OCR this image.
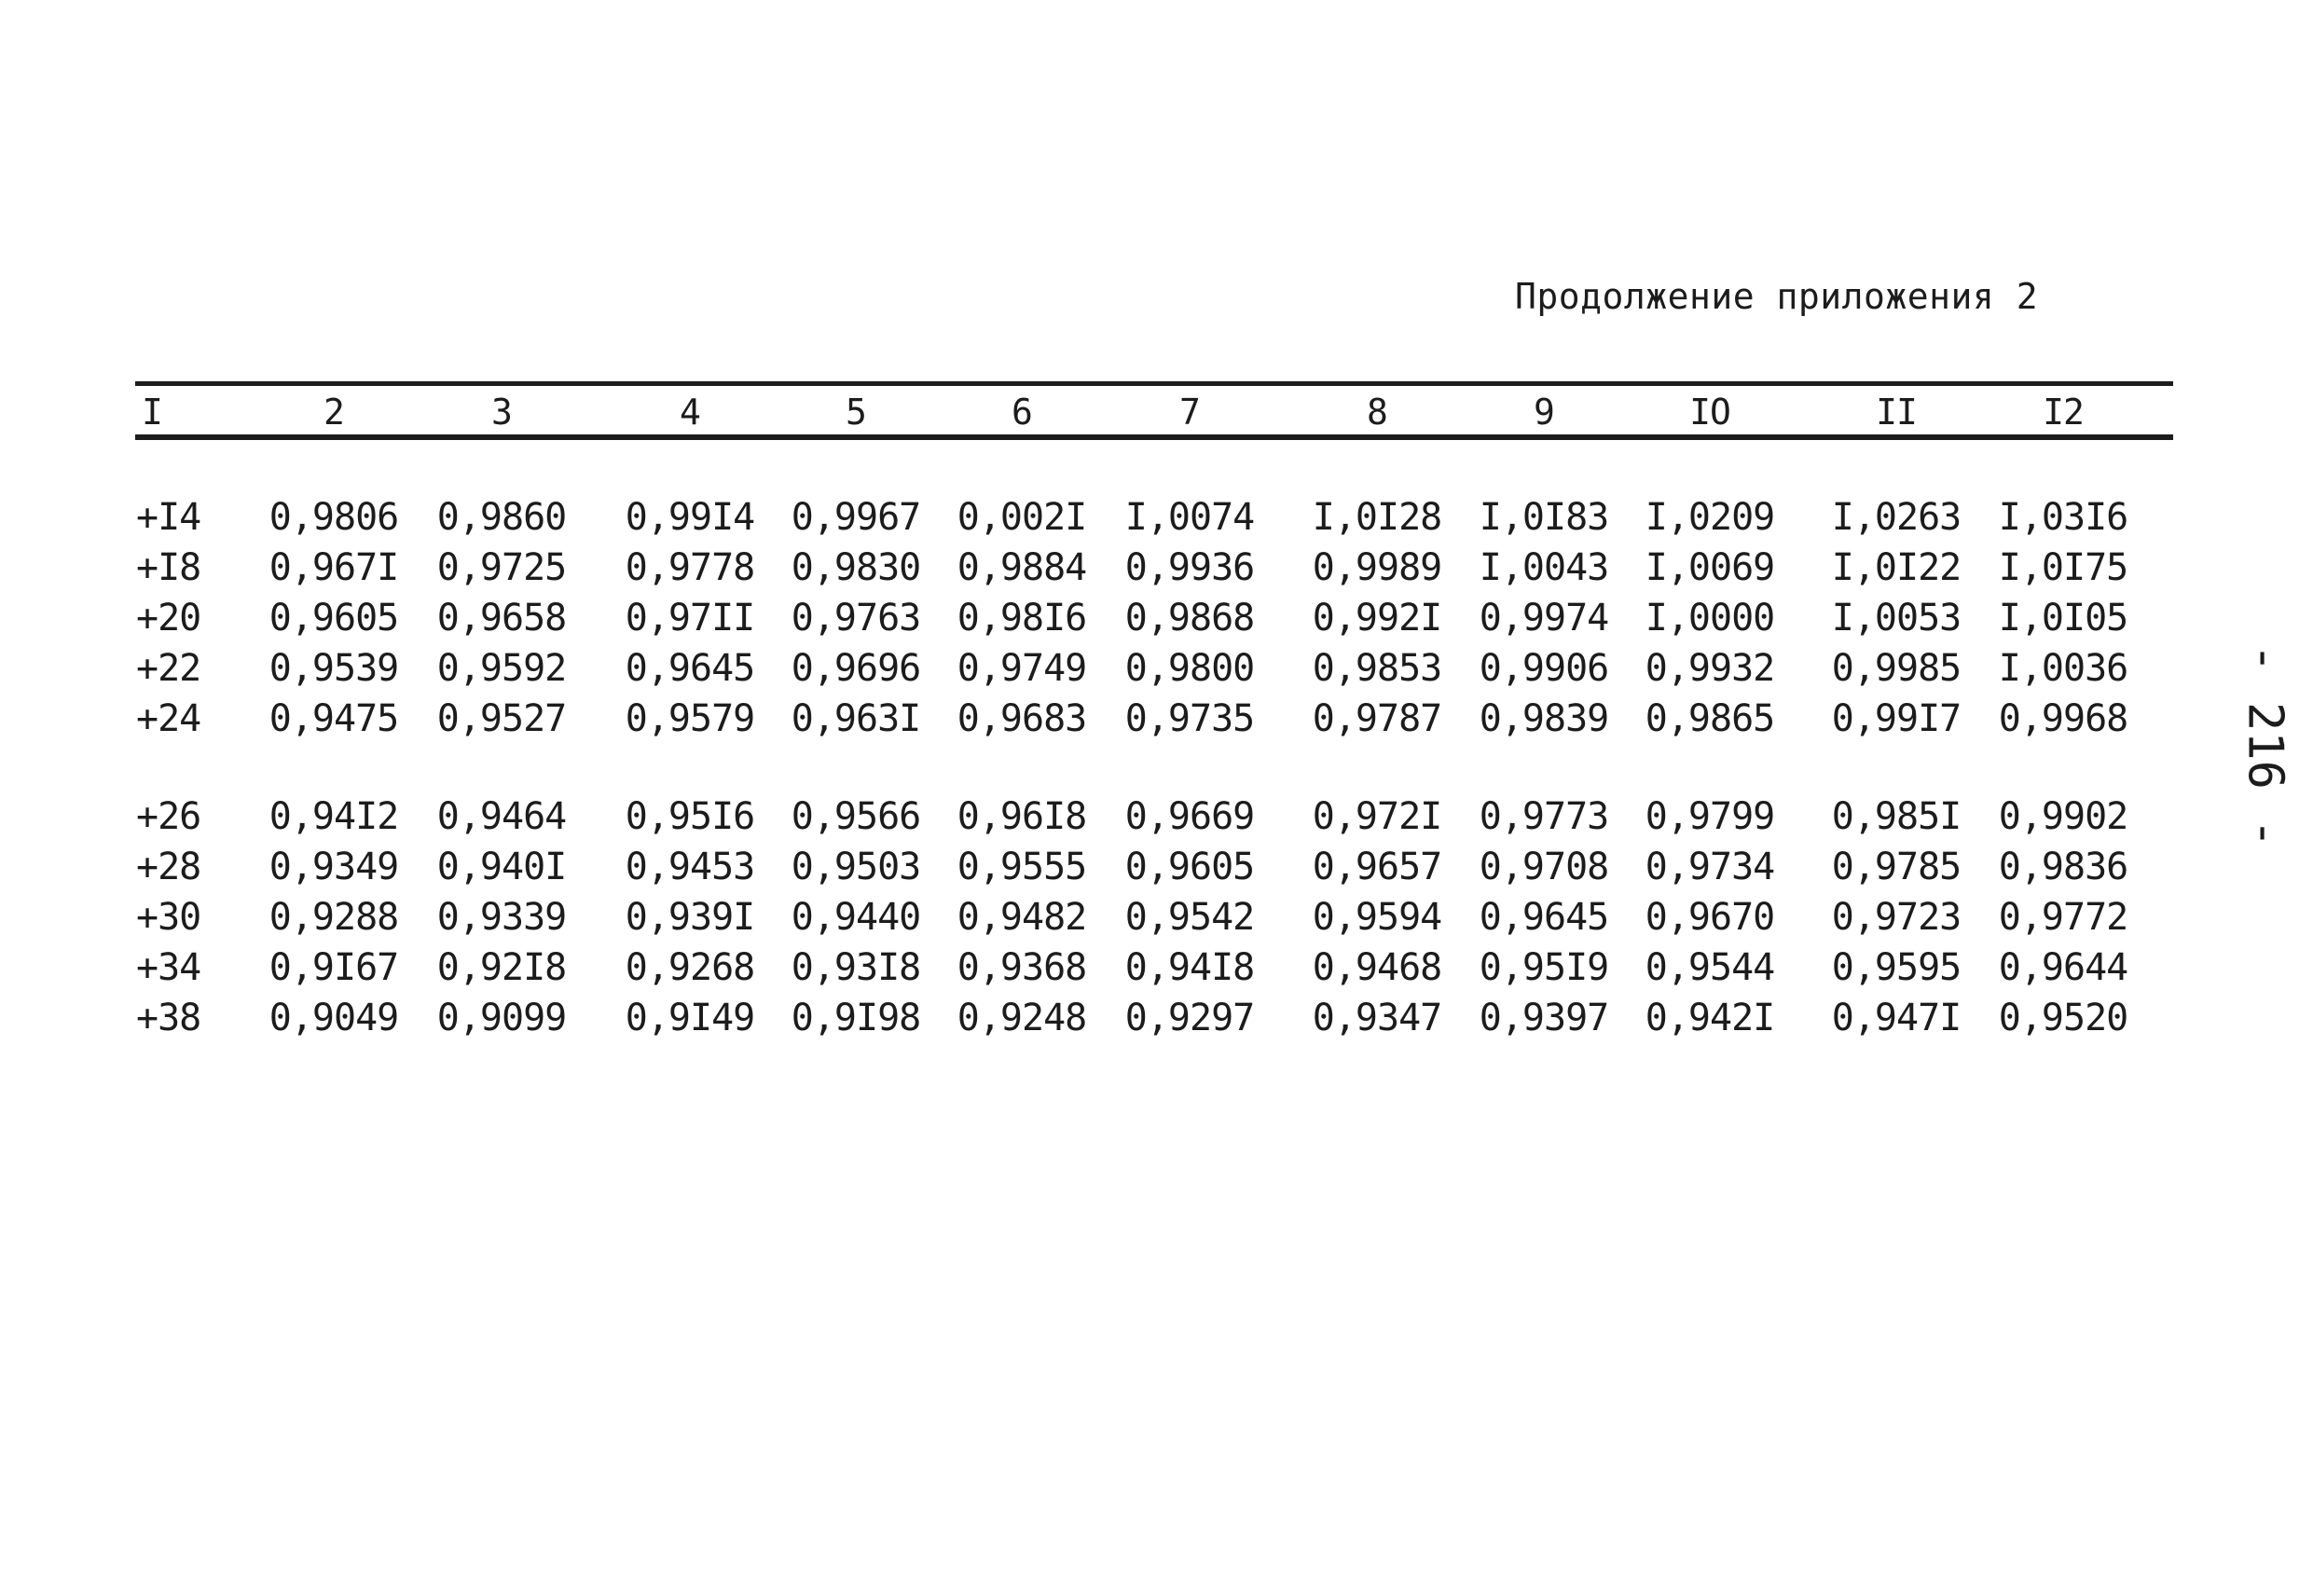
Продолжение приложения 2
I	2	3	4	5	6	7	8	9	IO	II	I2
+I4 0,9806 0,9860 0,99I4 0,9967 0,002I I,0074 I,0I28 I,0I83 I,0209 I,0263 I,03I6
+I8 0,967I 0,9725 0,9778 0,9830 0,9884 0,9936 0,9989 I,0043 I,0069 I,0I22 I,0I75
+20 0,9605 0,9658 0,97II 0,9763 0,98I6 0,9868 0,992I 0,9974 I,0000 I,0053 I,0I05
+22 0,9539 0,9592 0,9645 0,9696 0,9749 0,9800 0,9853 0,9906 0,9932 0,9985 I,0036
+24 0,9475 0,9527 0,9579 0,963I 0,9683 0,9735 0,9787 0,9839 0,9865 0,99I7 0,9968
+26 0,94I2 0,9464 0,95I6 0,9566 0,96I8 0,9669 0,972I 0,9773 0,9799 0,985I 0,9902
+28 0,9349 0,940I 0,9453 0,9503 0,9555 0,9605 0,9657 0,9708 0,9734 0,9785 0,9836
+30 0,9288 0,9339 0,939I 0,9440 0,9482 0,9542 0,9594 0,9645 0,9670 0,9723 0,9772
+34 0,9I67 0,92I8 0,9268 0,93I8 0,9368 0,94I8 0,9468 0,95I9 0,9544 0,9595 0,9644
+38 0,9049 0,9099 0,9I49 0,9I98 0,9248 0,9297 0,9347 0,9397 0,942I 0,947I 0,9520
- 216 -
